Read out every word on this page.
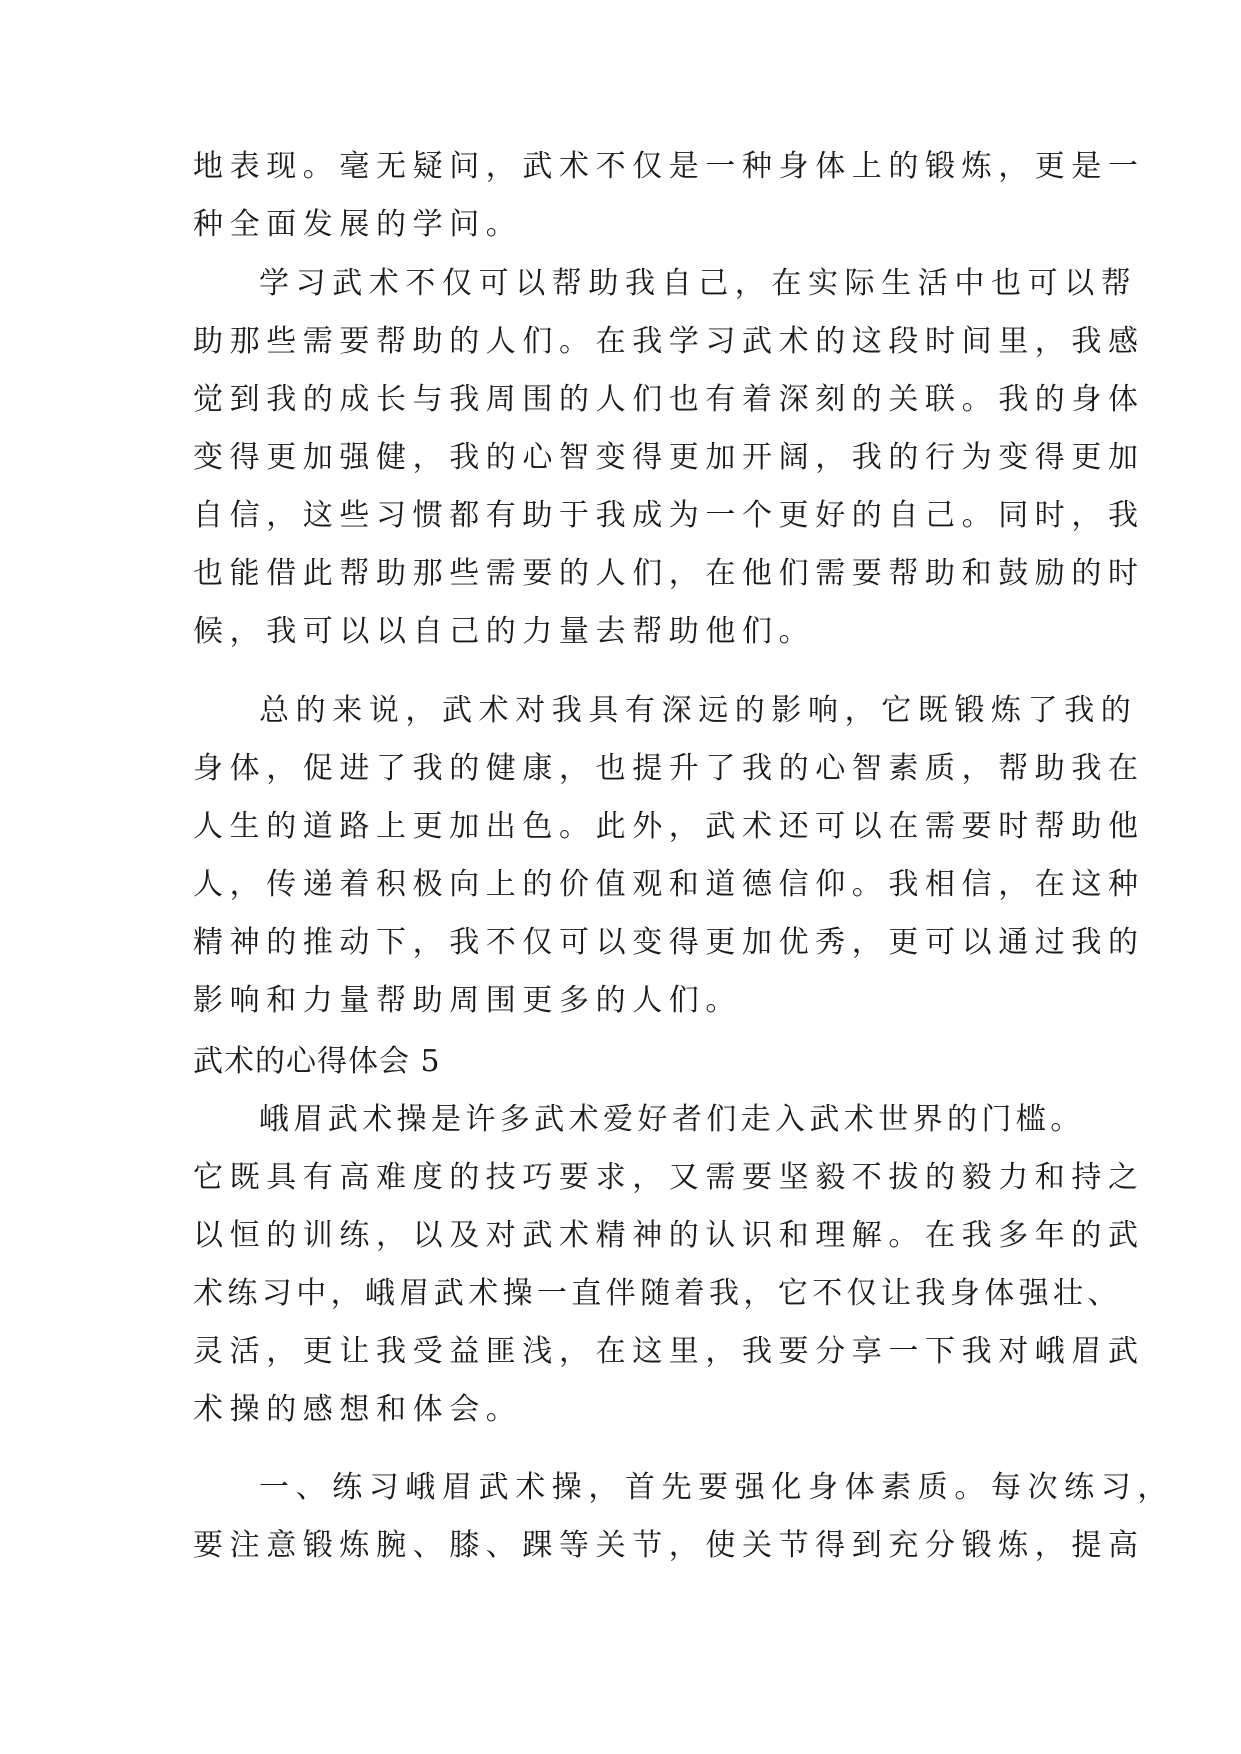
地表现。毫无疑问，武术不仅是一种身体上的锻炼，更是一

种全面发展的学问。

学习武术不仅可以帮助我自己，在实际生活中也可以帮

助那些需要帮助的人们。在我学习武术的这段时间里，我感

觉到我的成长与我周围的人们也有着深刻的关联。我的身体

变得更加强健，我的心智变得更加开阔，我的行为变得更加

自信，这些习惯都有助于我成为一个更好的自己。同时，我

也能借此帮助那些需要的人们，在他们需要帮助和鼓励的时

候，我可以以自己的力量去帮助他们。

总的来说，武术对我具有深远的影响，它既锻炼了我的

身体，促进了我的健康，也提升了我的心智素质，帮助我在

人生的道路上更加出色。此外，武术还可以在需要时帮助他

人，传递着积极向上的价值观和道德信仰。我相信，在这种

精神的推动下，我不仅可以变得更加优秀，更可以通过我的

影响和力量帮助周围更多的人们。

武术的心得体会 5

峨眉武术操是许多武术爱好者们走入武术世界的门槛。

它既具有高难度的技巧要求，又需要坚毅不拔的毅力和持之

以恒的训练，以及对武术精神的认识和理解。在我多年的武

术练习中，峨眉武术操一直伴随着我，它不仅让我身体强壮、

灵活，更让我受益匪浅，在这里，我要分享一下我对峨眉武

术操的感想和体会。

一、练习峨眉武术操，首先要强化身体素质。每次练习，

要注意锻炼腕、膝、踝等关节，使关节得到充分锻炼，提高
